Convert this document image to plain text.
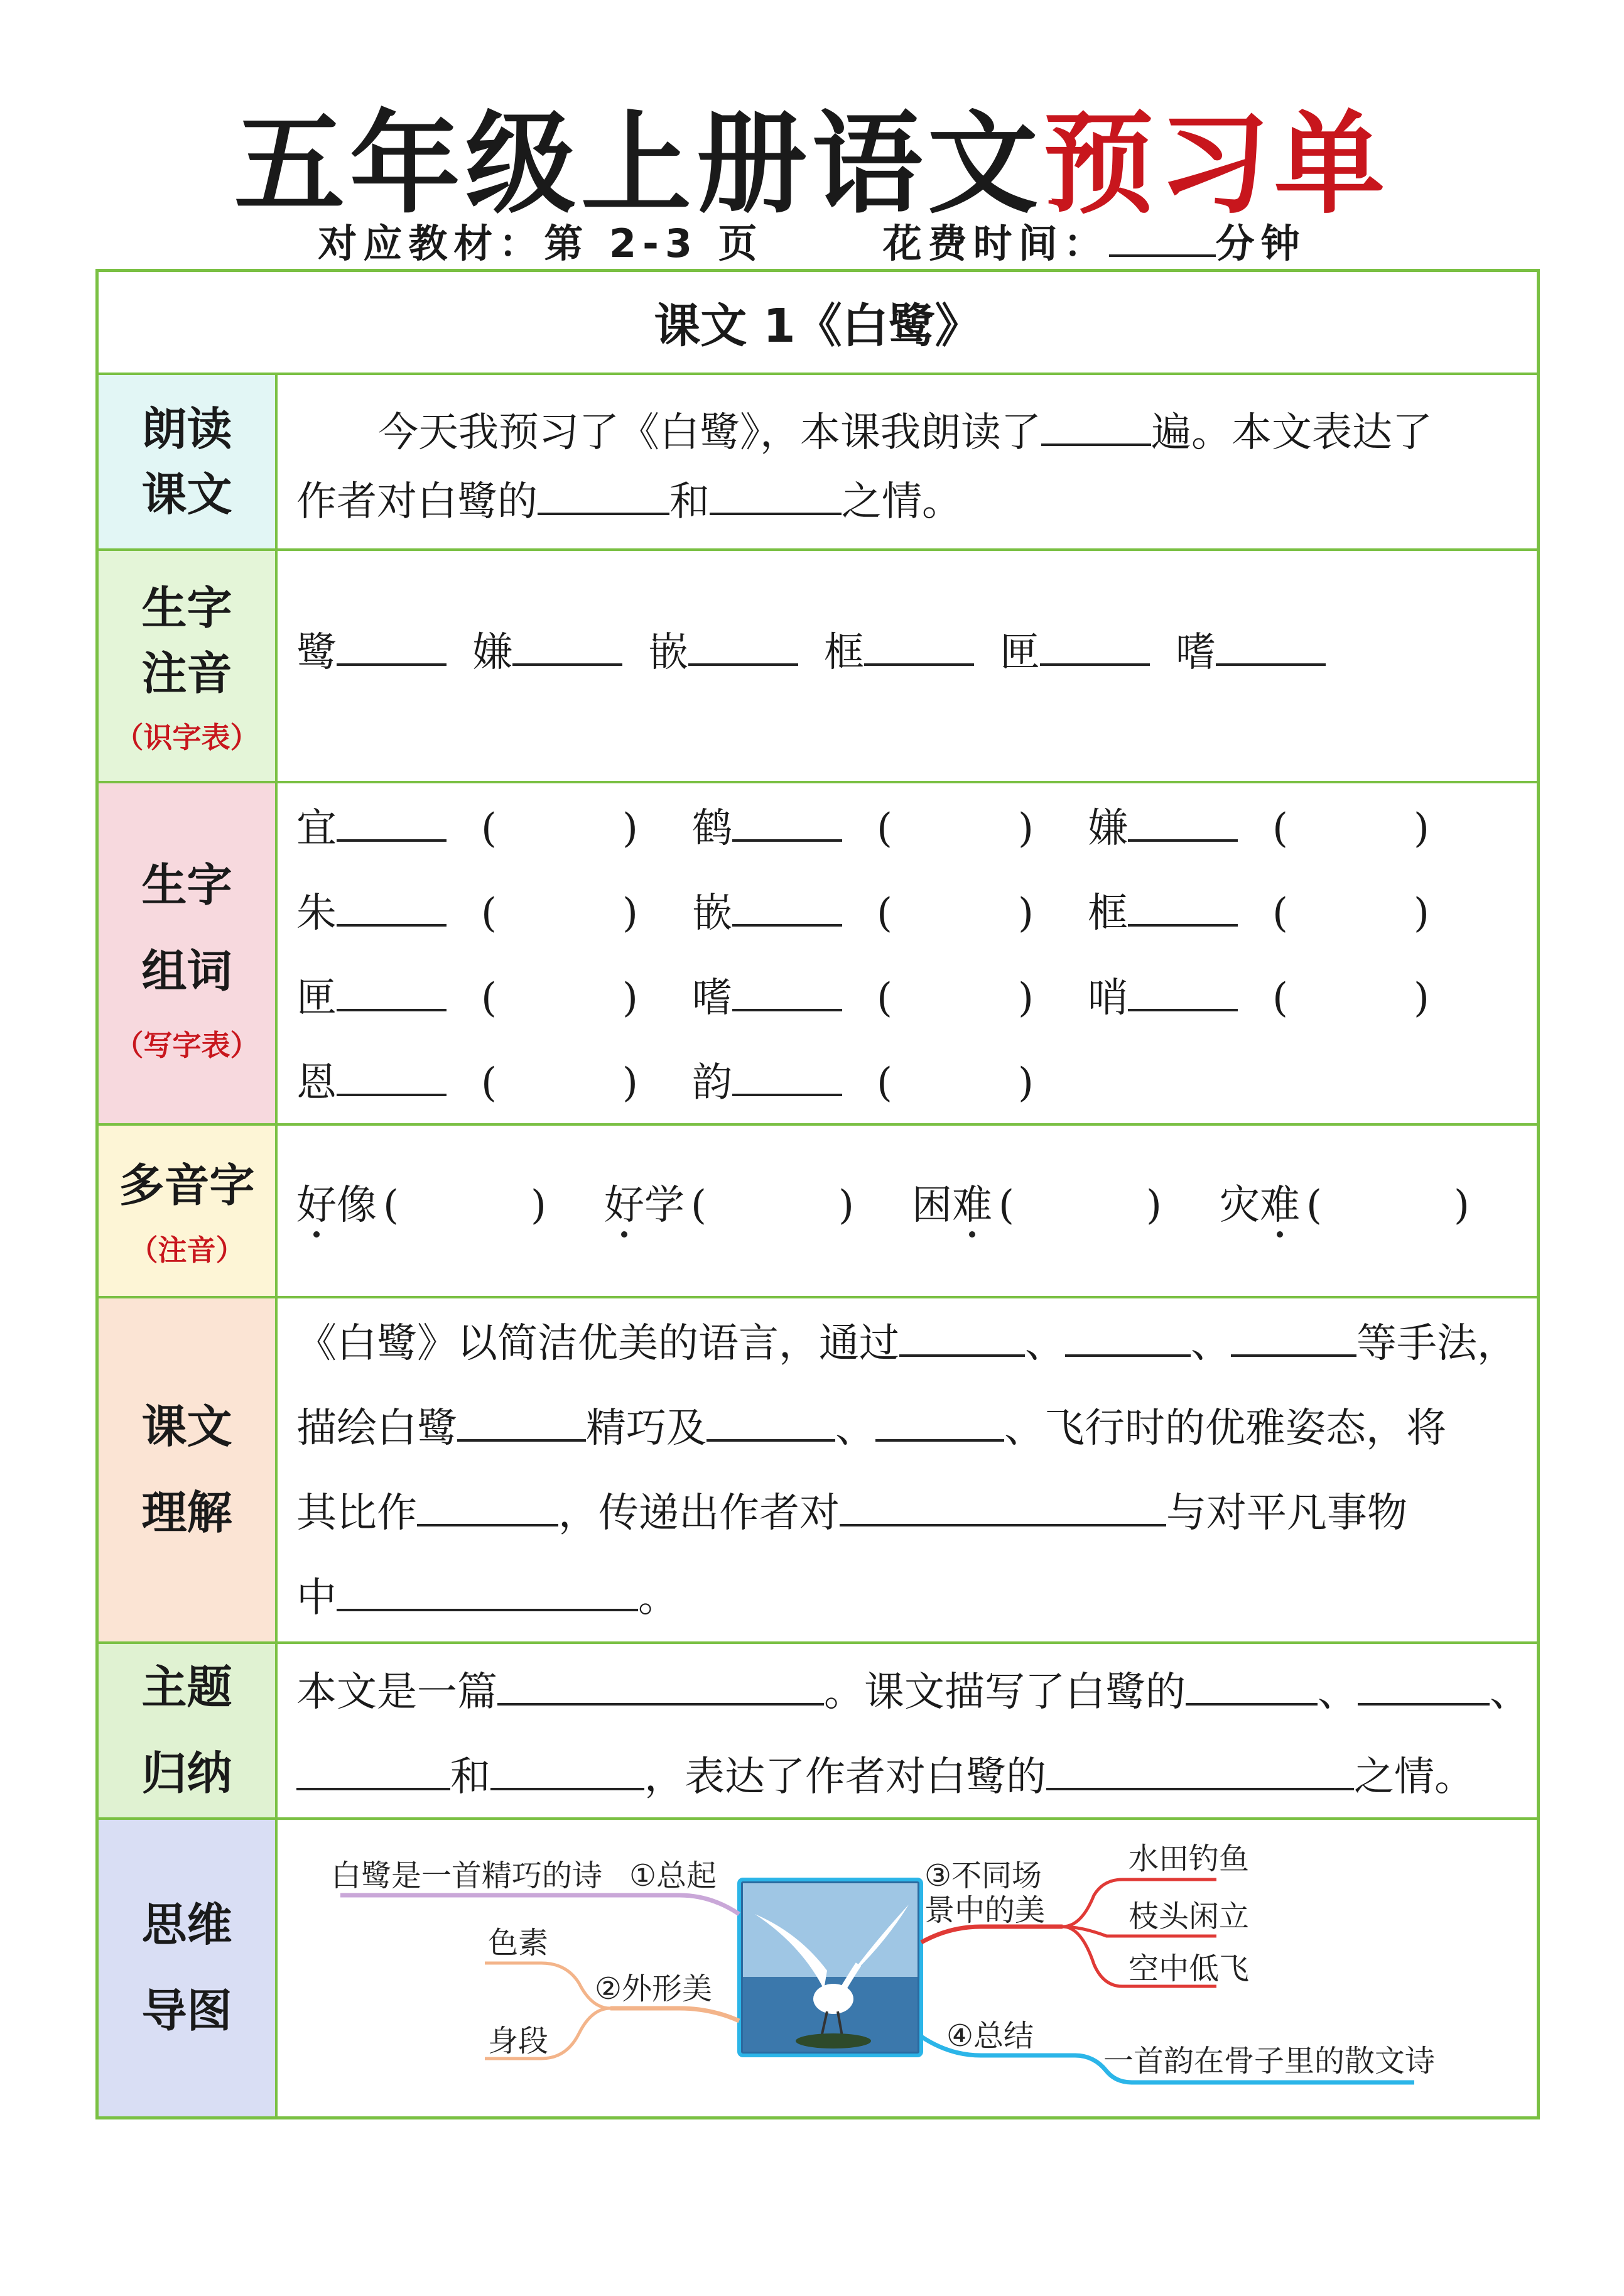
五年级上册语文预习单
对应教材：第 2-3 页	花费时间：	分钟
课文 1《白鹭》
朗读
课文
今天我预习了《白鹭》，本课我朗读了	遍。本文表达了
作者对白鹭的	和	之情。
生字
注音
（识字表）
鹭	嫌	嵌	框	匣	嗜
生字
组词
（写字表）
宜	(	) 鹤	(	) 嫌	(	)
朱	(	) 嵌	(	) 框	(	)
匣	(	) 嗜	(	) 哨	(	)
恩	(	) 韵	(	)
多音字
（注音）
好像 (	) 好学 (	) 困难 (	) 灾难 (	)
课文
理解
《白鹭》以简洁优美的语言，通过	、	、	等手法，
描绘白鹭	精巧及	、	、飞行时的优雅姿态，将
其比作	，传递出作者对	与对平凡事物
中	。
主题
归纳
本文是一篇	。课文描写了白鹭的	、	、
和	，表达了作者对白鹭的	之情。
思维
导图
①总起
白鹭是一首精巧的诗
②外形美
色素
身段
③不同场
景中的美
水田钓鱼
枝头闲立
空中低飞
④总结
一首韵在骨子里的散文诗
